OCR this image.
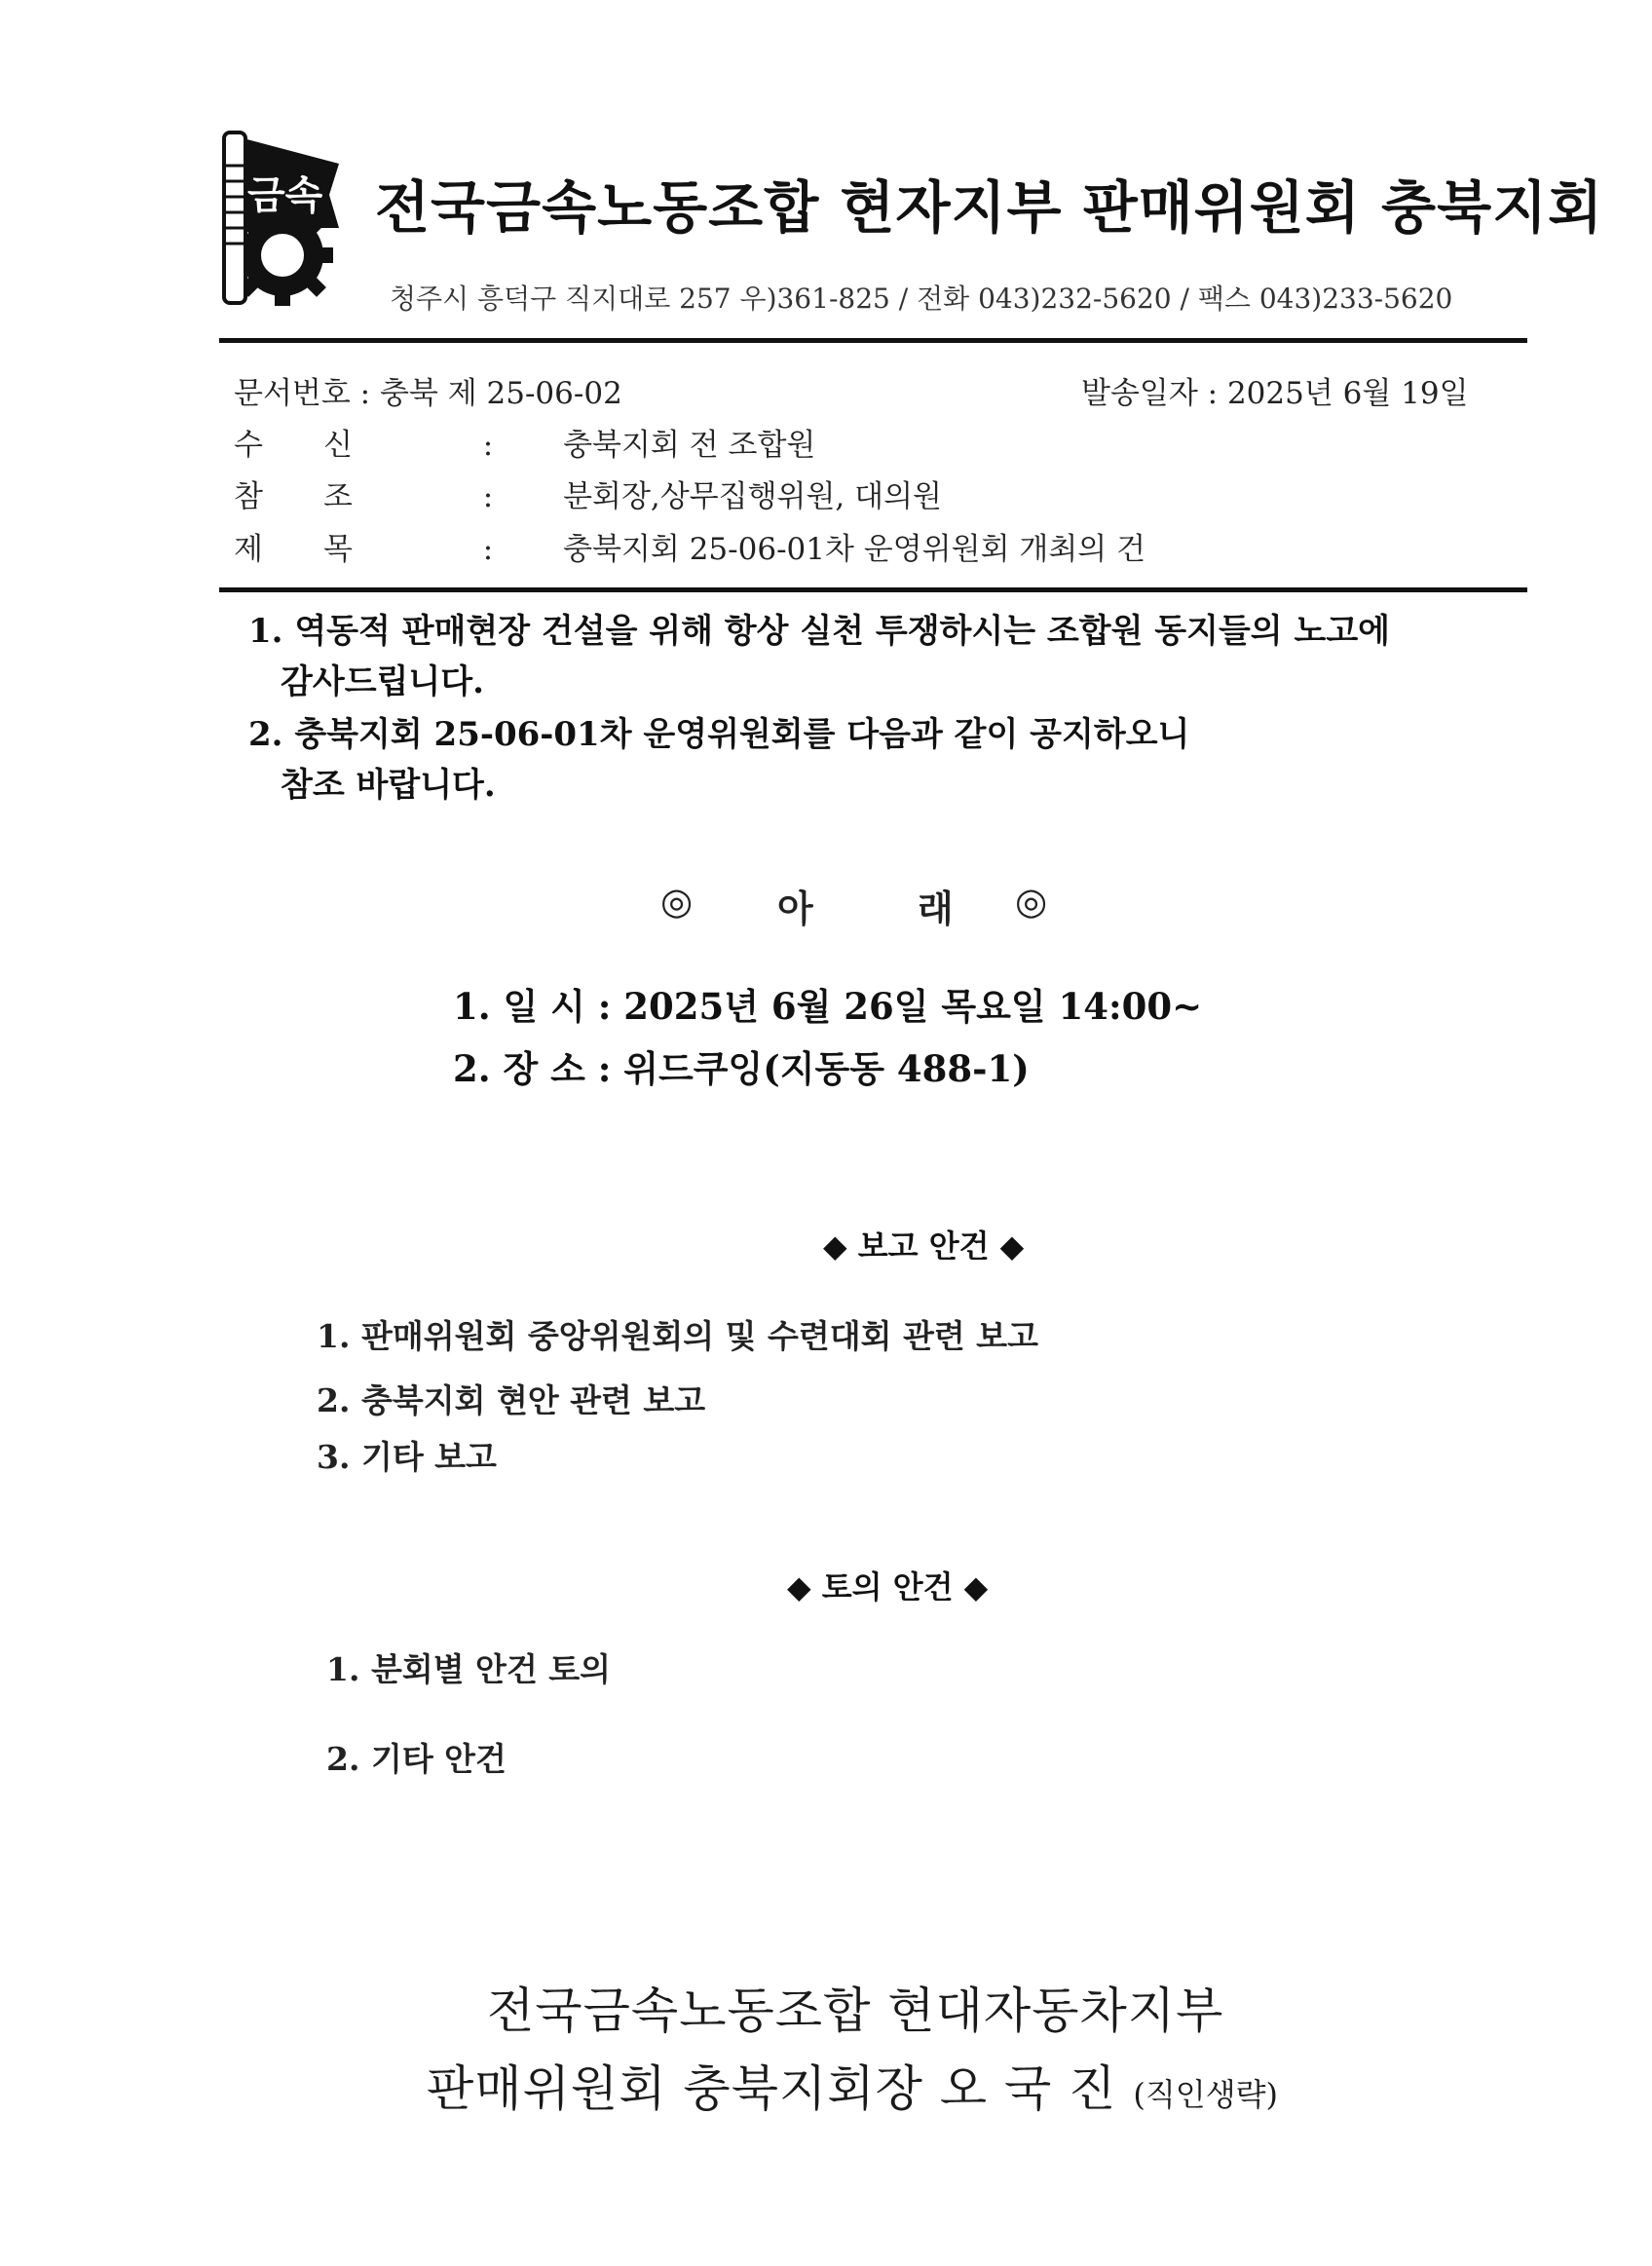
금속 전국금속노동조합 현자지부 판매위원회 충북지회
청주시 흥덕구 직지대로 257 우)361-825 / 전화 043)232-5620 / 팩스 043)233-5620
문서번호 : 충북 제 25-06-02	발송일자 : 2025년 6월 19일
수신 : 충북지회 전 조합원
참조 : 분회장,상무집행위원, 대의원
제목 : 충북지회 25-06-01차 운영위원회 개최의 건
1. 역동적 판매현장 건설을 위해 항상 실천 투쟁하시는 조합원 동지들의 노고에
감사드립니다.
2. 충북지회 25-06-01차 운영위원회를 다음과 같이 공지하오니
참조 바랍니다.
◎ 아	래 ◎
1. 일 시 : 2025년 6월 26일 목요일 14:00~
2. 장 소 : 위드쿠잉(지동동 488-1)
◆ 보고 안건 ◆
1. 판매위원회 중앙위원회의 및 수련대회 관련 보고
2. 충북지회 현안 관련 보고
3. 기타 보고
◆ 토의 안건 ◆
1. 분회별 안건 토의
2. 기타 안건
전국금속노동조합 현대자동차지부
판매위원회 충북지회장 오 국 진 (직인생략)
